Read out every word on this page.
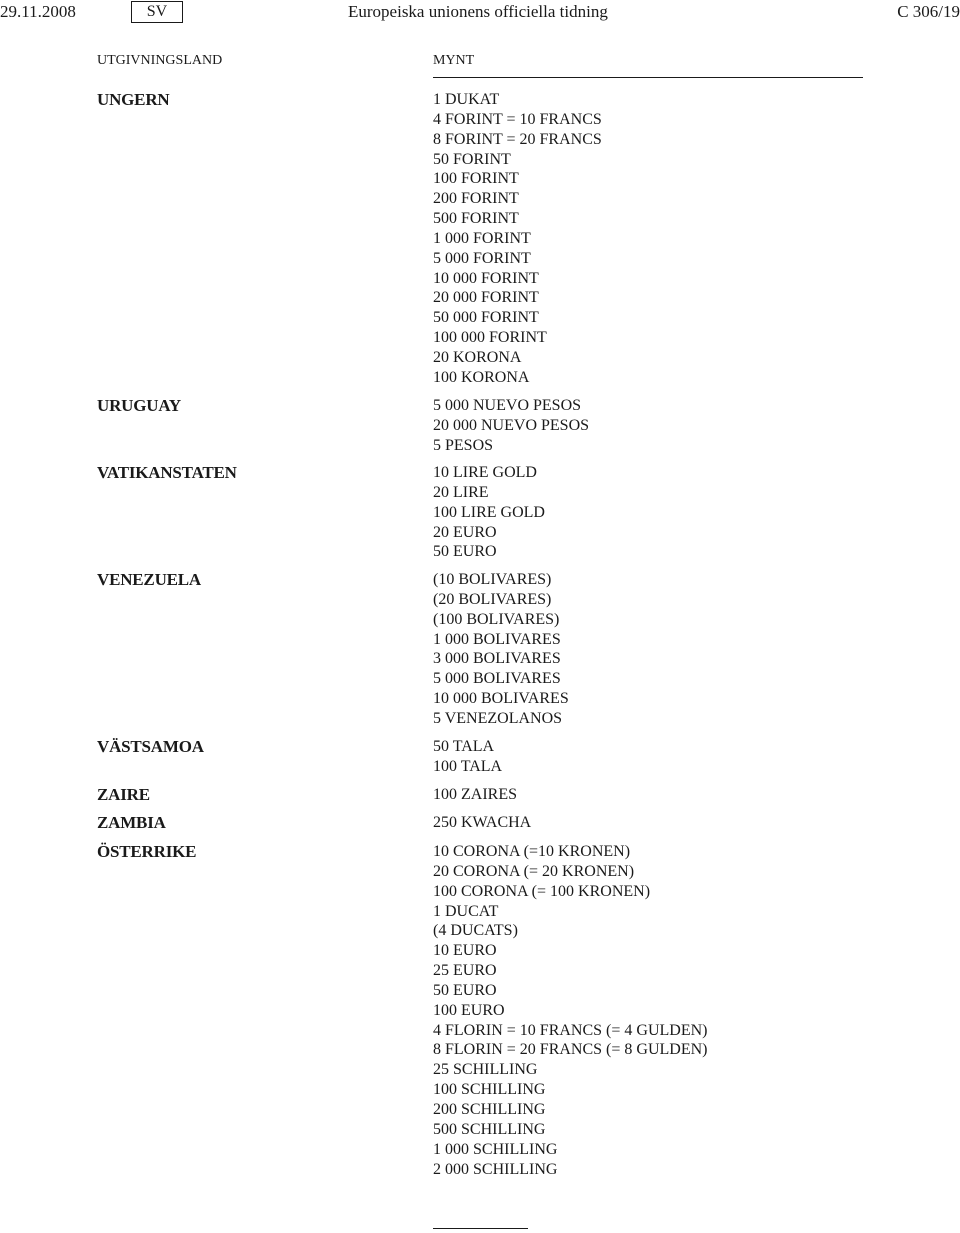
29.11.2008	SV	Europeiska unionens officiella tidning	C 306/19
UTGIVNINGSLAND	MYNT
UNGERN	1 DUKAT
4 FORINT = 10 FRANCS
8 FORINT = 20 FRANCS
50 FORINT
100 FORINT
200 FORINT
500 FORINT
1 000 FORINT
5 000 FORINT
10 000 FORINT
20 000 FORINT
50 000 FORINT
100 000 FORINT
20 KORONA
100 KORONA
URUGUAY	5 000 NUEVO PESOS
20 000 NUEVO PESOS
5 PESOS
VATIKANSTATEN	10 LIRE GOLD
20 LIRE
100 LIRE GOLD
20 EURO
50 EURO
VENEZUELA	(10 BOLIVARES)
(20 BOLIVARES)
(100 BOLIVARES)
1 000 BOLIVARES
3 000 BOLIVARES
5 000 BOLIVARES
10 000 BOLIVARES
5 VENEZOLANOS
VÄSTSAMOA	50 TALA
100 TALA
ZAIRE	100 ZAIRES
ZAMBIA	250 KWACHA
ÖSTERRIKE	10 CORONA (=10 KRONEN)
20 CORONA (= 20 KRONEN)
100 CORONA (= 100 KRONEN)
1 DUCAT
(4 DUCATS)
10 EURO
25 EURO
50 EURO
100 EURO
4 FLORIN = 10 FRANCS (= 4 GULDEN)
8 FLORIN = 20 FRANCS (= 8 GULDEN)
25 SCHILLING
100 SCHILLING
200 SCHILLING
500 SCHILLING
1 000 SCHILLING
2 000 SCHILLING
